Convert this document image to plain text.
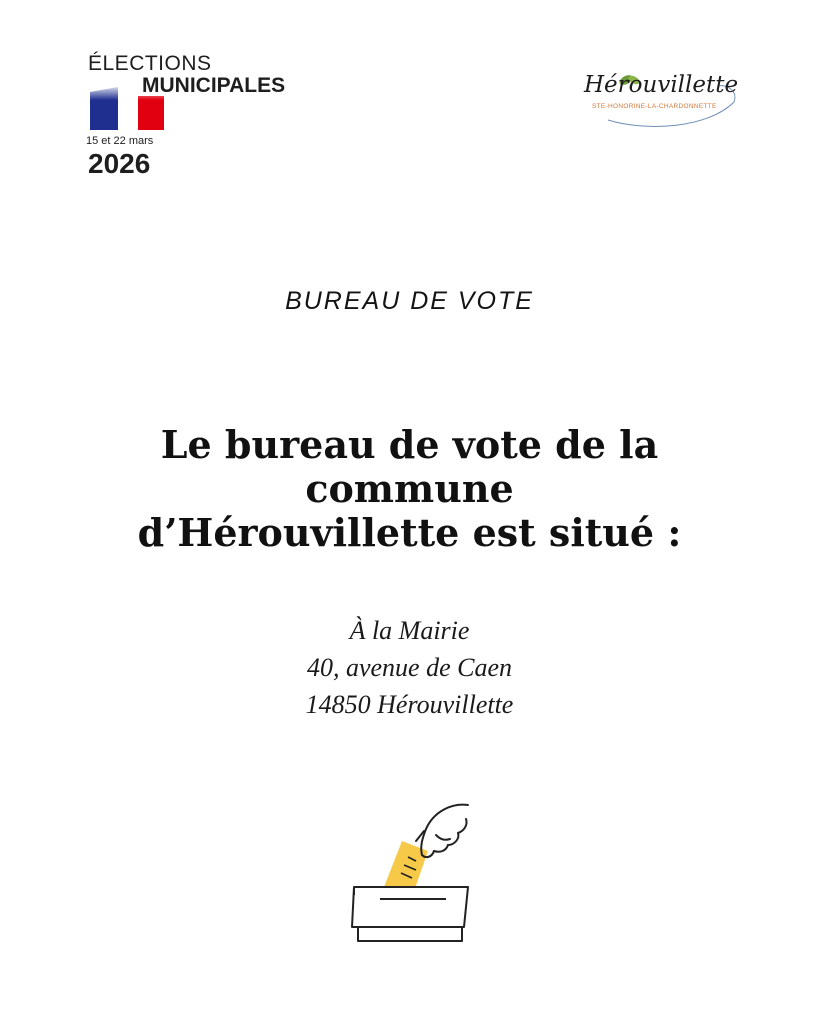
ÉLECTIONS
MUNICIPALES
15 et 22 mars
2026
Hérouvillette
STE-HONORINE-LA-CHARDONNETTE
BUREAU DE VOTE
Le bureau de vote de la
commune
d’Hérouvillette est situé :
À la Mairie
40, avenue de Caen
14850 Hérouvillette
